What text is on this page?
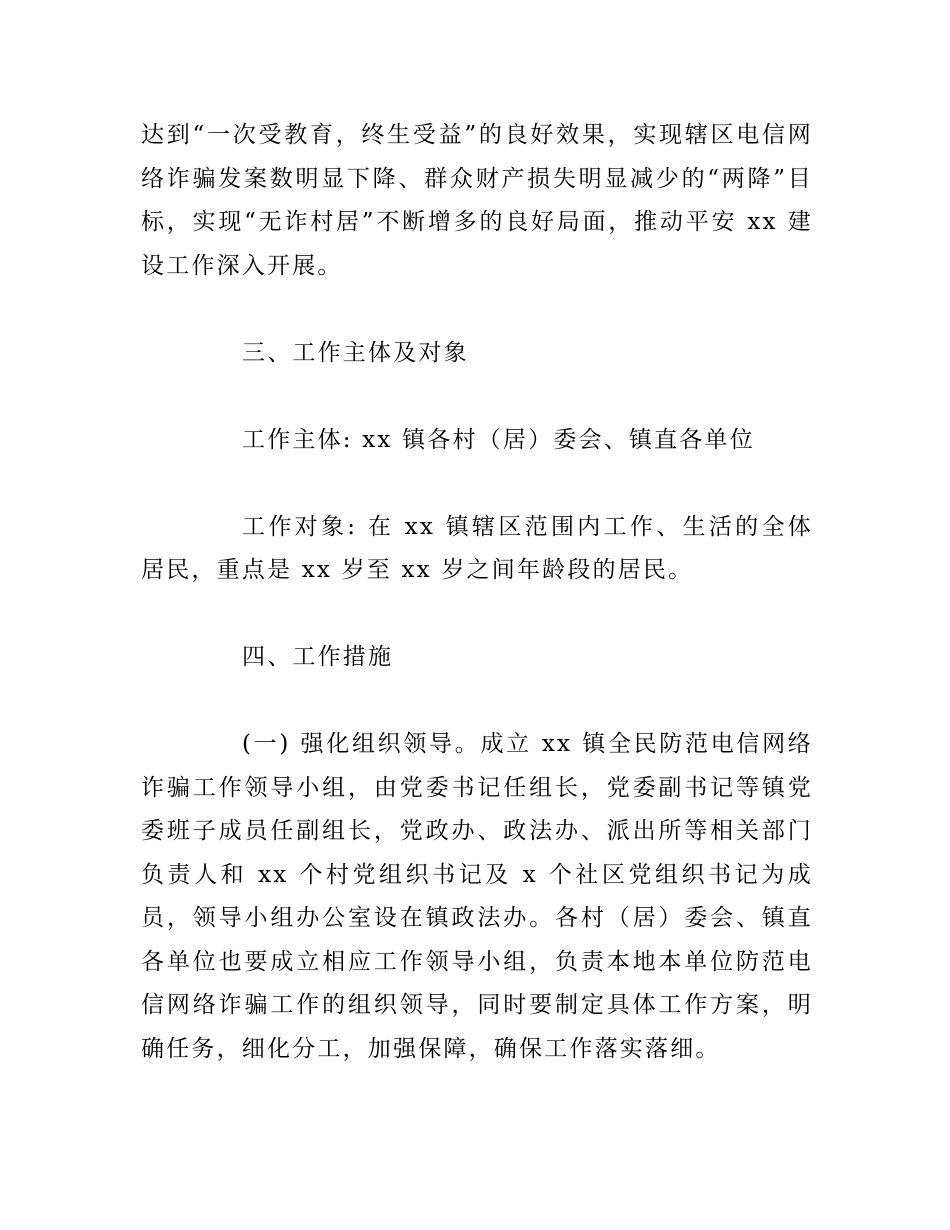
达到“一次受教育，终生受益”的良好效果，实现辖区电信网络诈骗发案数明显下降、群众财产损失明显减少的“两降”目标，实现“无诈村居”不断增多的良好局面，推动平安 xx 建设工作深入开展。

三、工作主体及对象

工作主体: xx 镇各村（居）委会、镇直各单位

工作对象: 在 xx 镇辖区范围内工作、生活的全体居民，重点是 xx 岁至 xx 岁之间年龄段的居民。

四、工作措施

(一) 强化组织领导。成立 xx 镇全民防范电信网络诈骗工作领导小组，由党委书记任组长，党委副书记等镇党委班子成员任副组长，党政办、政法办、派出所等相关部门负责人和 xx 个村党组织书记及 x 个社区党组织书记为成员，领导小组办公室设在镇政法办。各村（居）委会、镇直各单位也要成立相应工作领导小组，负责本地本单位防范电信网络诈骗工作的组织领导，同时要制定具体工作方案，明确任务，细化分工，加强保障，确保工作落实落细。
